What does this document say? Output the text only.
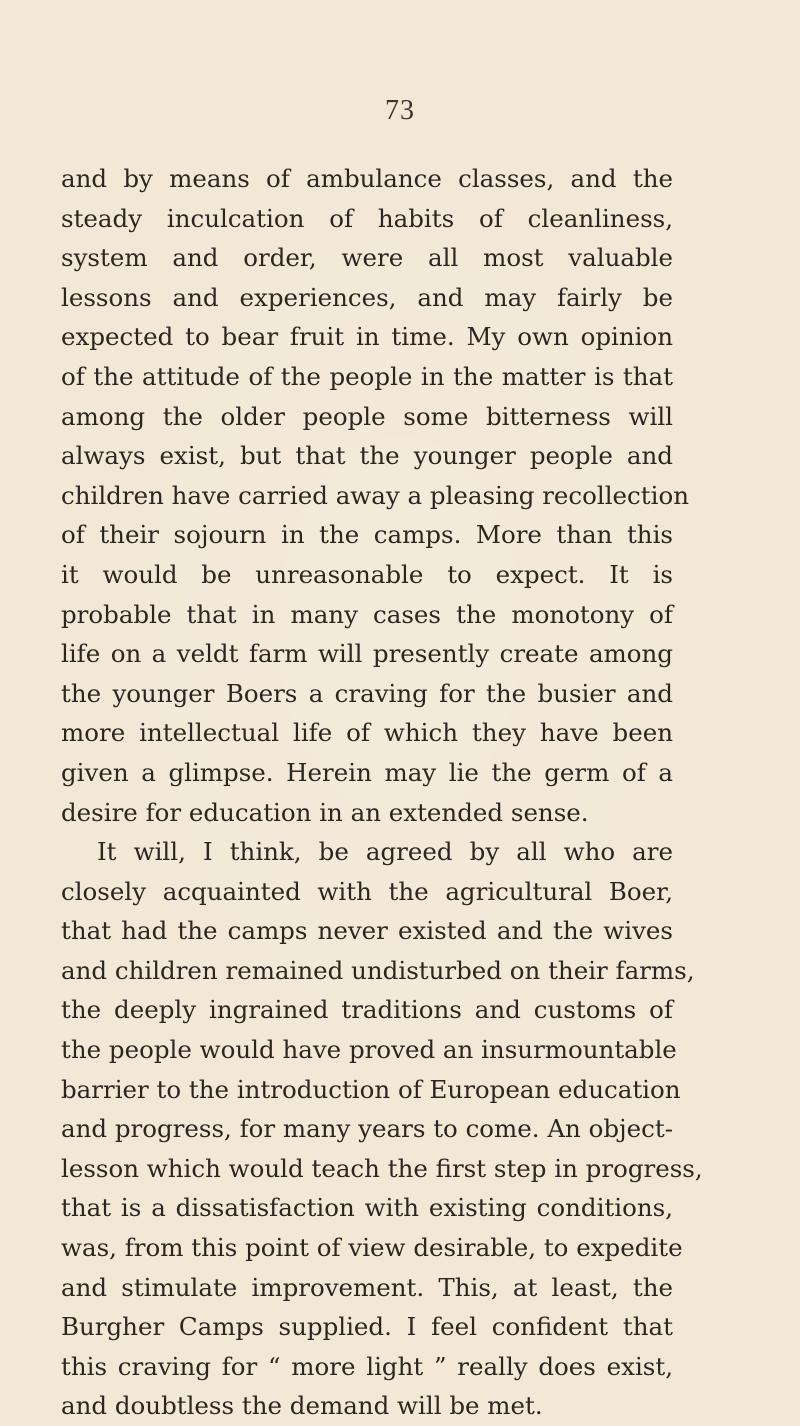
73
and by means of ambulance classes, and the
steady inculcation of habits of cleanliness,
system and order, were all most valuable
lessons and experiences, and may fairly be
expected to bear fruit in time. My own opinion
of the attitude of the people in the matter is that
among the older people some bitterness will
always exist, but that the younger people and
children have carried away a pleasing recollection
of their sojourn in the camps. More than this
it would be unreasonable to expect. It is
probable that in many cases the monotony of
life on a veldt farm will presently create among
the younger Boers a craving for the busier and
more intellectual life of which they have been
given a glimpse. Herein may lie the germ of a
desire for education in an extended sense.
It will, I think, be agreed by all who are
closely acquainted with the agricultural Boer,
that had the camps never existed and the wives
and children remained undisturbed on their farms,
the deeply ingrained traditions and customs of
the people would have proved an insurmountable
barrier to the introduction of European education
and progress, for many years to come. An object-
lesson which would teach the first step in progress,
that is a dissatisfaction with existing conditions,
was, from this point of view desirable, to expedite
and stimulate improvement. This, at least, the
Burgher Camps supplied. I feel confident that
this craving for “ more light ” really does exist,
and doubtless the demand will be met.
